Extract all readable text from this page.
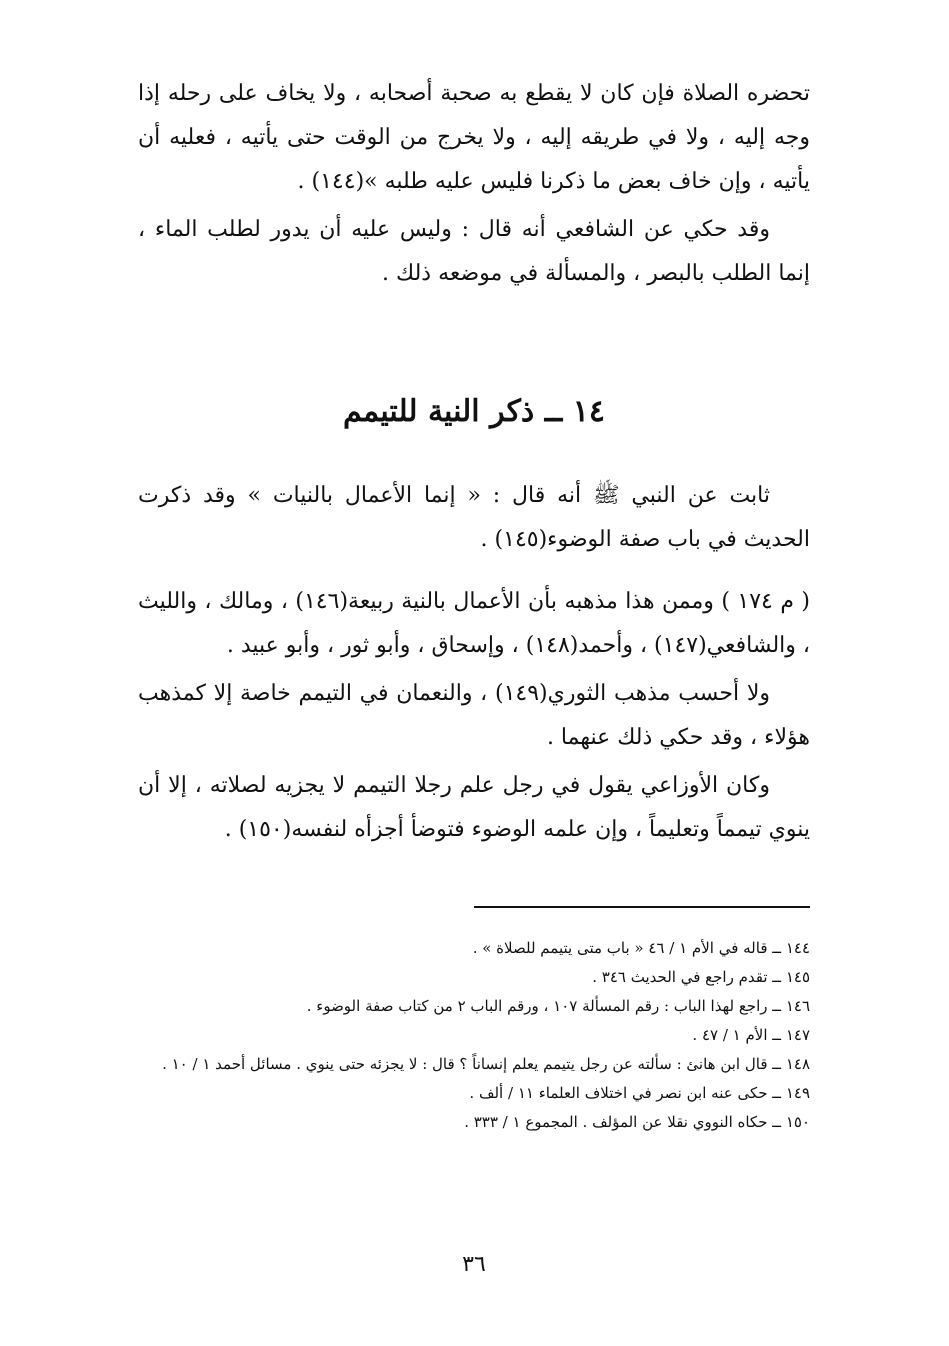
تحضره الصلاة فإن كان لا يقطع به صحبة أصحابه ، ولا يخاف على رحله إذا وجه إليه ، ولا في طريقه إليه ، ولا يخرج من الوقت حتى يأتيه ، فعليه أن يأتيه ، وإن خاف بعض ما ذكرنا فليس عليه طلبه »(١٤٤) .

وقد حكي عن الشافعي أنه قال : وليس عليه أن يدور لطلب الماء ، إنما الطلب بالبصر ، والمسألة في موضعه ذلك .

١٤ ــ ذكر النية للتيمم

ثابت عن النبي ﷺ أنه قال : « إنما الأعمال بالنيات » وقد ذكرت الحديث في باب صفة الوضوء(١٤٥) .

( م ١٧٤ ) وممن هذا مذهبه بأن الأعمال بالنية ربيعة(١٤٦) ، ومالك ، والليث ، والشافعي(١٤٧) ، وأحمد(١٤٨) ، وإسحاق ، وأبو ثور ، وأبو عبيد .

ولا أحسب مذهب الثوري(١٤٩) ، والنعمان في التيمم خاصة إلا كمذهب هؤلاء ، وقد حكي ذلك عنهما .

وكان الأوزاعي يقول في رجل علم رجلا التيمم لا يجزيه لصلاته ، إلا أن ينوي تيمماً وتعليماً ، وإن علمه الوضوء فتوضأ أجزأه لنفسه(١٥٠) .

١٤٤ ــ قاله في الأم ١ / ٤٦ « باب متى يتيمم للصلاة » .
١٤٥ ــ تقدم راجع في الحديث ٣٤٦ .
١٤٦ ــ راجع لهذا الباب : رقم المسألة ١٠٧ ، ورقم الباب ٢ من كتاب صفة الوضوء .
١٤٧ ــ الأم ١ / ٤٧ .
١٤٨ ــ قال ابن هانئ : سألته عن رجل يتيمم يعلم إنساناً ؟ قال : لا يجزئه حتى ينوي . مسائل أحمد ١ / ١٠ .
١٤٩ ــ حكى عنه ابن نصر في اختلاف العلماء ١١ / ألف .
١٥٠ ــ حكاه النووي نقلا عن المؤلف . المجموع ١ / ٣٣٣ .
٣٦
